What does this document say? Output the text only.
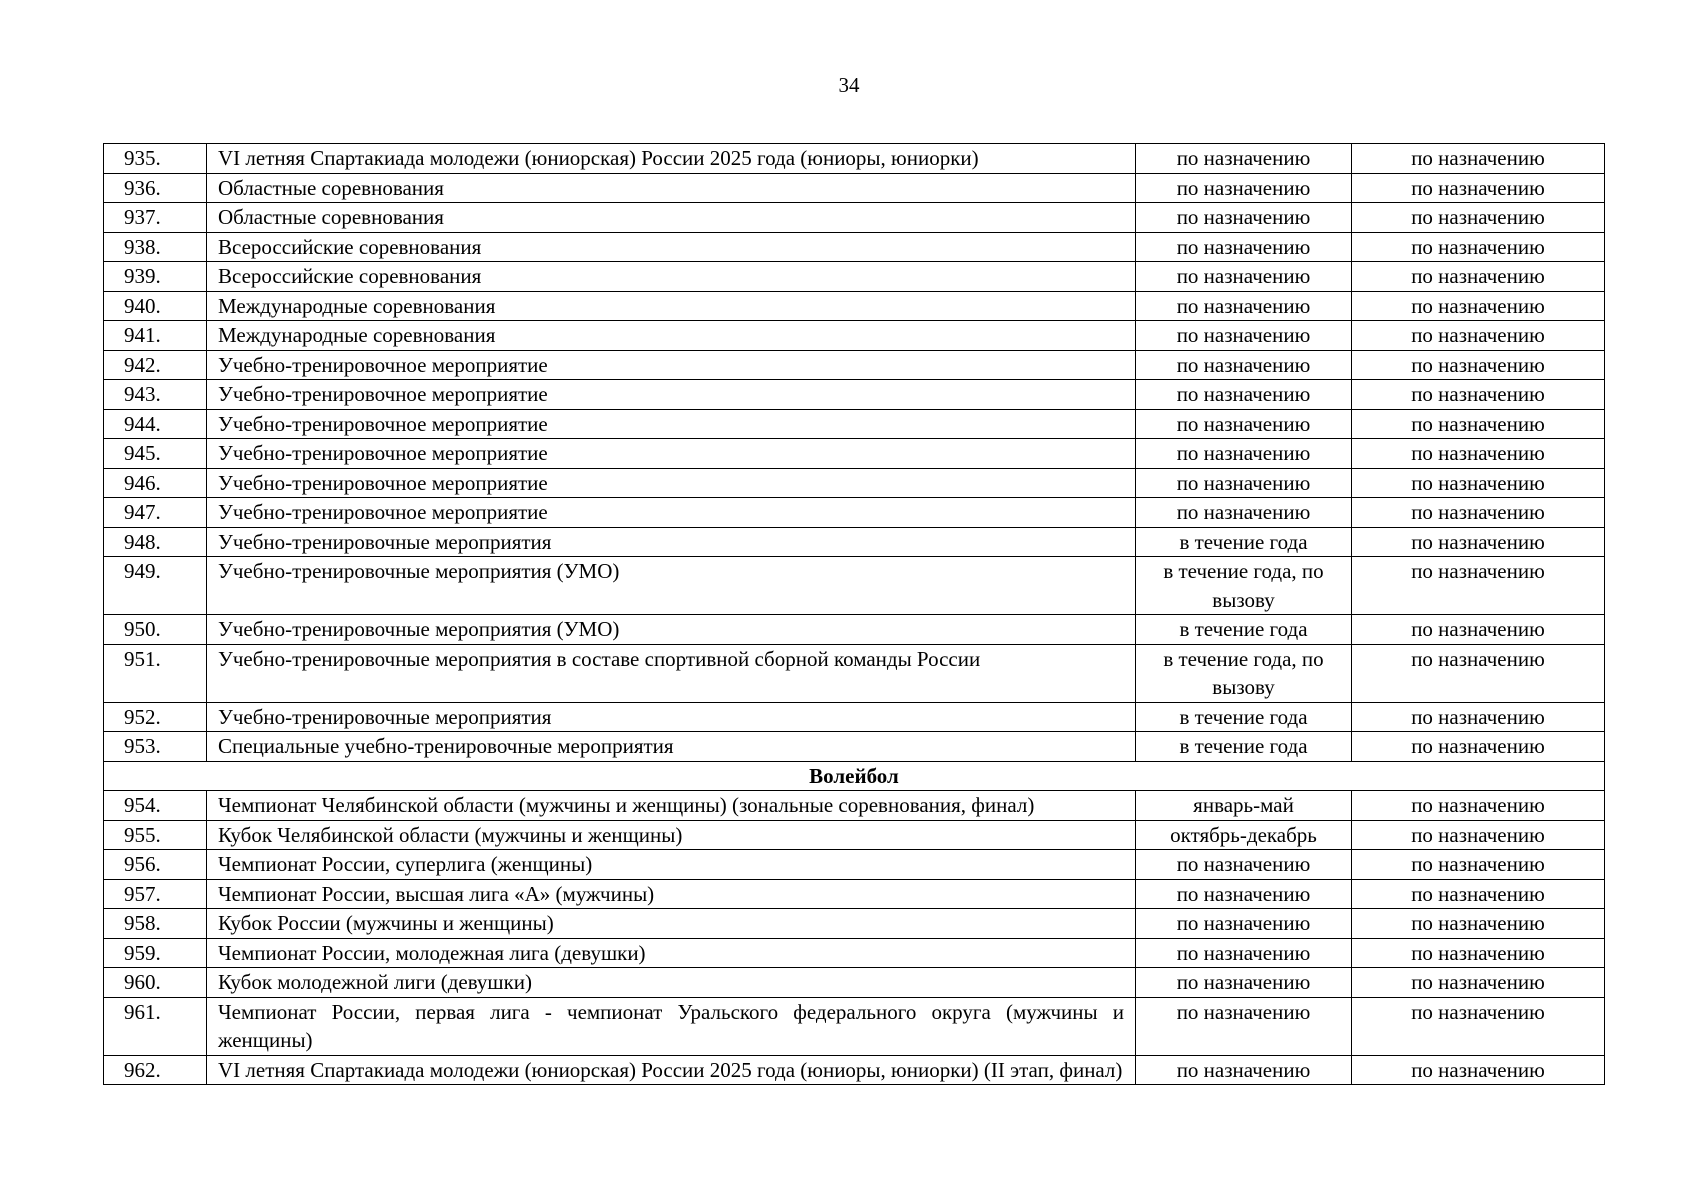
34
935.	VI летняя Спартакиада молодежи (юниорская) России 2025 года (юниоры, юниорки)	по назначению	по назначению
936.	Областные соревнования	по назначению	по назначению
937.	Областные соревнования	по назначению	по назначению
938.	Всероссийские соревнования	по назначению	по назначению
939.	Всероссийские соревнования	по назначению	по назначению
940.	Международные соревнования	по назначению	по назначению
941.	Международные соревнования	по назначению	по назначению
942.	Учебно-тренировочное мероприятие	по назначению	по назначению
943.	Учебно-тренировочное мероприятие	по назначению	по назначению
944.	Учебно-тренировочное мероприятие	по назначению	по назначению
945.	Учебно-тренировочное мероприятие	по назначению	по назначению
946.	Учебно-тренировочное мероприятие	по назначению	по назначению
947.	Учебно-тренировочное мероприятие	по назначению	по назначению
948.	Учебно-тренировочные мероприятия	в течение года	по назначению
949.	Учебно-тренировочные мероприятия (УМО)	в течение года, по вызову	по назначению
950.	Учебно-тренировочные мероприятия (УМО)	в течение года	по назначению
951.	Учебно-тренировочные мероприятия в составе спортивной сборной команды России	в течение года, по вызову	по назначению
952.	Учебно-тренировочные мероприятия	в течение года	по назначению
953.	Специальные учебно-тренировочные мероприятия	в течение года	по назначению
Волейбол			
954.	Чемпионат Челябинской области (мужчины и женщины) (зональные соревнования, финал)	январь-май	по назначению
955.	Кубок Челябинской области (мужчины и женщины)	октябрь-декабрь	по назначению
956.	Чемпионат России, суперлига (женщины)	по назначению	по назначению
957.	Чемпионат России, высшая лига «А» (мужчины)	по назначению	по назначению
958.	Кубок России (мужчины и женщины)	по назначению	по назначению
959.	Чемпионат России, молодежная лига (девушки)	по назначению	по назначению
960.	Кубок молодежной лиги (девушки)	по назначению	по назначению
961.	Чемпионат России, первая лига - чемпионат Уральского федерального округа (мужчины и женщины)	по назначению	по назначению
962.	VI летняя Спартакиада молодежи (юниорская) России 2025 года (юниоры, юниорки) (II этап, финал)	по назначению	по назначению
